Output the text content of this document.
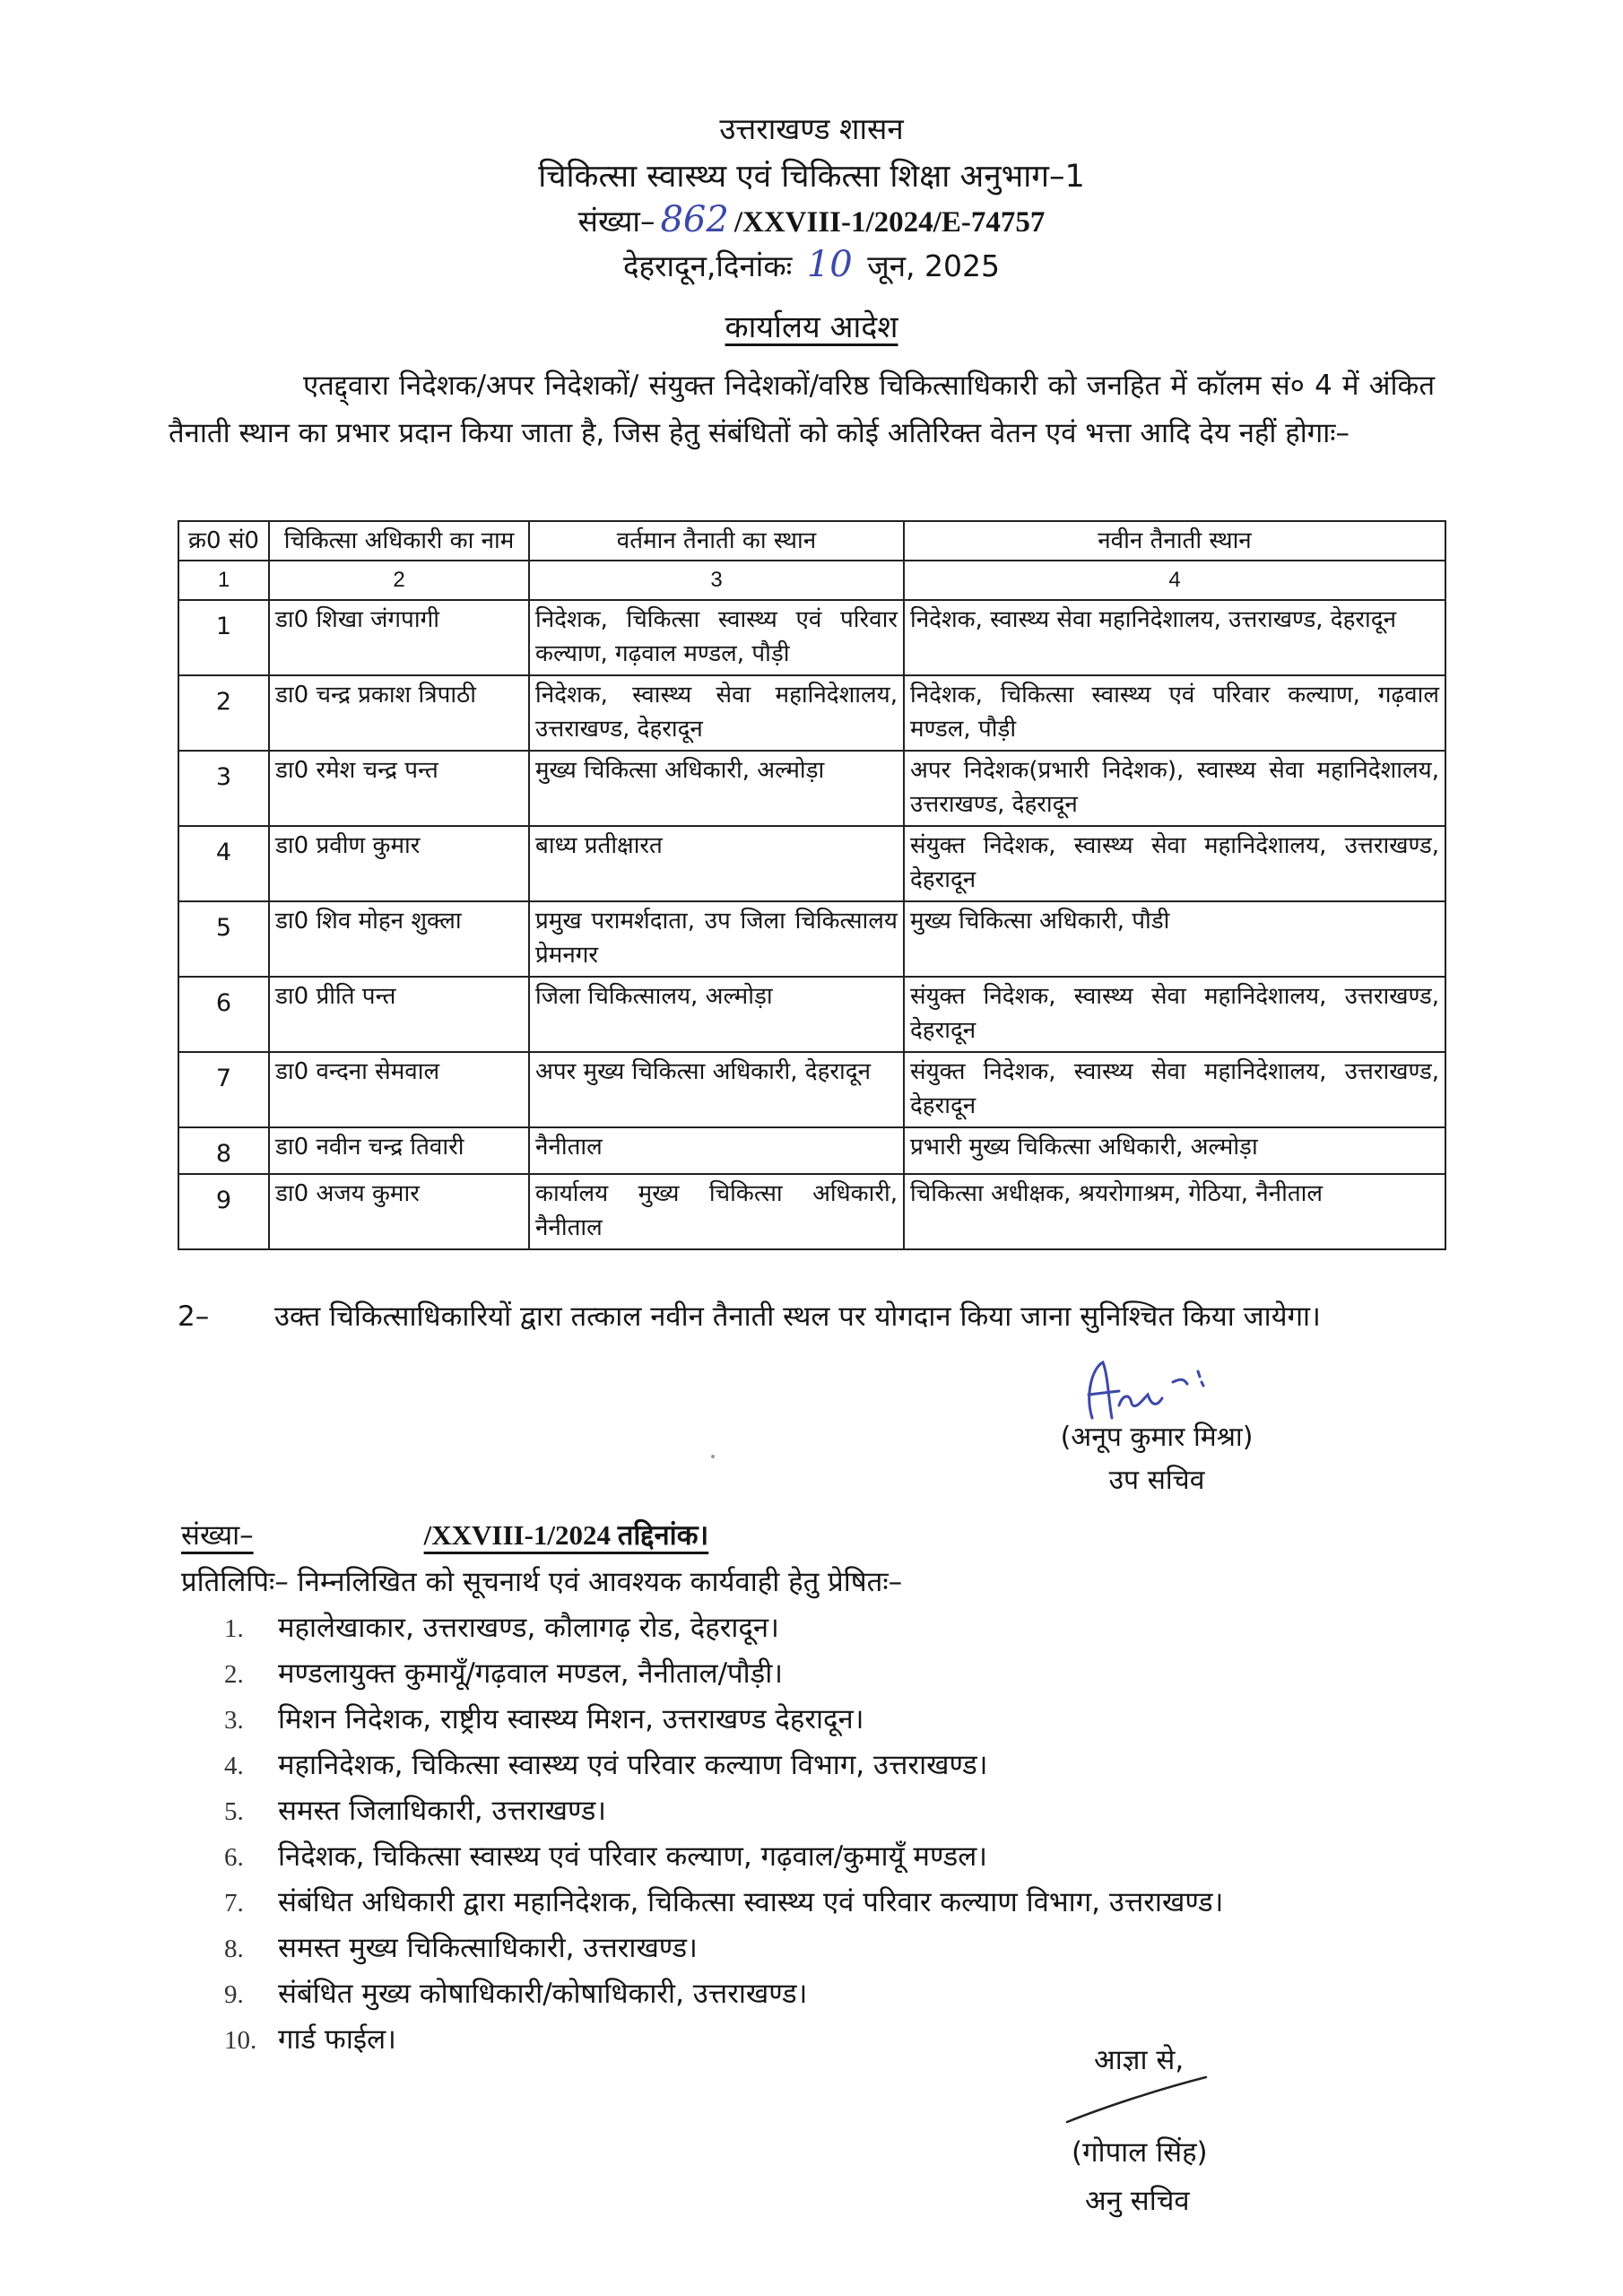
उत्तराखण्ड शासन
चिकित्सा स्वास्थ्य एवं चिकित्सा शिक्षा अनुभाग–1
संख्या– 862 /XXVIII-1/2024/E-74757
देहरादून,दिनांकः 10 जून, 2025
कार्यालय आदेश
एतद्द्वारा निदेशक/अपर निदेशकों/ संयुक्त निदेशकों/वरिष्ठ चिकित्साधिकारी को जनहित में कॉलम सं० 4 में अंकित तैनाती स्थान का प्रभार प्रदान किया जाता है, जिस हेतु संबंधितों को कोई अतिरिक्त वेतन एवं भत्ता आदि देय नहीं होगाः–
क्र0 सं0	चिकित्सा अधिकारी का नाम	वर्तमान तैनाती का स्थान	नवीन तैनाती स्थान
1	2	3	4
1	डा0 शिखा जंगपागी	निदेशक, चिकित्सा स्वास्थ्य एवं परिवार कल्याण, गढ़वाल मण्डल, पौड़ी	निदेशक, स्वास्थ्य सेवा महानिदेशालय, उत्तराखण्ड, देहरादून
2	डा0 चन्द्र प्रकाश त्रिपाठी	निदेशक, स्वास्थ्य सेवा महानिदेशालय, उत्तराखण्ड, देहरादून	निदेशक, चिकित्सा स्वास्थ्य एवं परिवार कल्याण, गढ़वाल मण्डल, पौड़ी
3	डा0 रमेश चन्द्र पन्त	मुख्य चिकित्सा अधिकारी, अल्मोड़ा	अपर निदेशक(प्रभारी निदेशक), स्वास्थ्य सेवा महानिदेशालय, उत्तराखण्ड, देहरादून
4	डा0 प्रवीण कुमार	बाध्य प्रतीक्षारत	संयुक्त निदेशक, स्वास्थ्य सेवा महानिदेशालय, उत्तराखण्ड, देहरादून
5	डा0 शिव मोहन शुक्ला	प्रमुख परामर्शदाता, उप जिला चिकित्सालय प्रेमनगर	मुख्य चिकित्सा अधिकारी, पौडी
6	डा0 प्रीति पन्त	जिला चिकित्सालय, अल्मोड़ा	संयुक्त निदेशक, स्वास्थ्य सेवा महानिदेशालय, उत्तराखण्ड, देहरादून
7	डा0 वन्दना सेमवाल	अपर मुख्य चिकित्सा अधिकारी, देहरादून	संयुक्त निदेशक, स्वास्थ्य सेवा महानिदेशालय, उत्तराखण्ड, देहरादून
8	डा0 नवीन चन्द्र तिवारी	नैनीताल	प्रभारी मुख्य चिकित्सा अधिकारी, अल्मोड़ा
9	डा0 अजय कुमार	कार्यालय मुख्य चिकित्सा अधिकारी, नैनीताल	चिकित्सा अधीक्षक, श्रयरोगाश्रम, गेठिया, नैनीताल
2– उक्त चिकित्साधिकारियों द्वारा तत्काल नवीन तैनाती स्थल पर योगदान किया जाना सुनिश्चित किया जायेगा।
(अनूप कुमार मिश्रा)
उप सचिव
संख्या–	/XXVIII-1/2024 तद्दिनांक।
प्रतिलिपिः– निम्नलिखित को सूचनार्थ एवं आवश्यक कार्यवाही हेतु प्रेषितः–
1. महालेखाकार, उत्तराखण्ड, कौलागढ़ रोड, देहरादून।
2. मण्डलायुक्त कुमायूँ/गढ़वाल मण्डल, नैनीताल/पौड़ी।
3. मिशन निदेशक, राष्ट्रीय स्वास्थ्य मिशन, उत्तराखण्ड देहरादून।
4. महानिदेशक, चिकित्सा स्वास्थ्य एवं परिवार कल्याण विभाग, उत्तराखण्ड।
5. समस्त जिलाधिकारी, उत्तराखण्ड।
6. निदेशक, चिकित्सा स्वास्थ्य एवं परिवार कल्याण, गढ़वाल/कुमायूँ मण्डल।
7. संबंधित अधिकारी द्वारा महानिदेशक, चिकित्सा स्वास्थ्य एवं परिवार कल्याण विभाग, उत्तराखण्ड।
8. समस्त मुख्य चिकित्साधिकारी, उत्तराखण्ड।
9. संबंधित मुख्य कोषाधिकारी/कोषाधिकारी, उत्तराखण्ड।
10. गार्ड फाईल।
आज्ञा से,
(गोपाल सिंह)
अनु सचिव
